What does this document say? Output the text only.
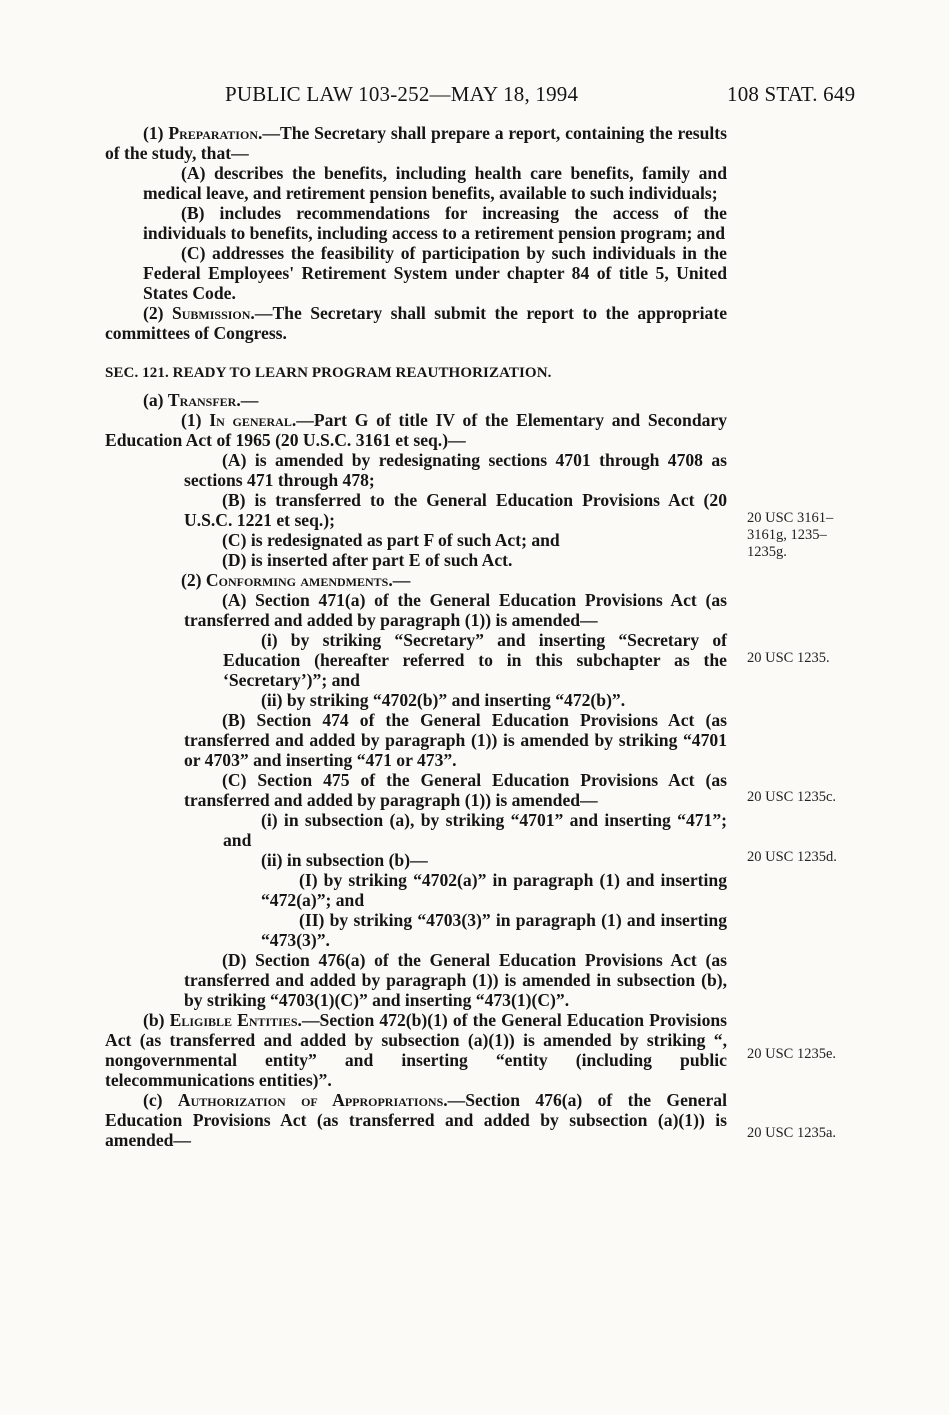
PUBLIC LAW 103-252—MAY 18, 1994	108 STAT. 649

(1) Preparation.—The Secretary shall prepare a report, containing the results of the study, that—

(A) describes the benefits, including health care benefits, family and medical leave, and retirement pension benefits, available to such individuals;

(B) includes recommendations for increasing the access of the individuals to benefits, including access to a retirement pension program; and

(C) addresses the feasibility of participation by such individuals in the Federal Employees' Retirement System under chapter 84 of title 5, United States Code.

(2) Submission.—The Secretary shall submit the report to the appropriate committees of Congress.

SEC. 121. READY TO LEARN PROGRAM REAUTHORIZATION.

(a) Transfer.—

(1) In general.—Part G of title IV of the Elementary and Secondary Education Act of 1965 (20 U.S.C. 3161 et seq.)—

(A) is amended by redesignating sections 4701 through 4708 as sections 471 through 478;

(B) is transferred to the General Education Provisions Act (20 U.S.C. 1221 et seq.);

(C) is redesignated as part F of such Act; and

(D) is inserted after part E of such Act.

(2) Conforming amendments.—

(A) Section 471(a) of the General Education Provisions Act (as transferred and added by paragraph (1)) is amended—

(i) by striking “Secretary” and inserting “Secretary of Education (hereafter referred to in this subchapter as the ‘Secretary’)”; and

(ii) by striking “4702(b)” and inserting “472(b)”.

(B) Section 474 of the General Education Provisions Act (as transferred and added by paragraph (1)) is amended by striking “4701 or 4703” and inserting “471 or 473”.

(C) Section 475 of the General Education Provisions Act (as transferred and added by paragraph (1)) is amended—

(i) in subsection (a), by striking “4701” and inserting “471”; and

(ii) in subsection (b)—

(I) by striking “4702(a)” in paragraph (1) and inserting “472(a)”; and

(II) by striking “4703(3)” in paragraph (1) and inserting “473(3)”.

(D) Section 476(a) of the General Education Provisions Act (as transferred and added by paragraph (1)) is amended in subsection (b), by striking “4703(1)(C)” and inserting “473(1)(C)”.

(b) Eligible Entities.—Section 472(b)(1) of the General Education Provisions Act (as transferred and added by subsection (a)(1)) is amended by striking “, nongovernmental entity” and inserting “entity (including public telecommunications entities)”.

(c) Authorization of Appropriations.—Section 476(a) of the General Education Provisions Act (as transferred and added by subsection (a)(1)) is amended—

20 USC 3161–3161g, 1235–1235g.
20 USC 1235.
20 USC 1235c.
20 USC 1235d.
20 USC 1235e.
20 USC 1235a.
